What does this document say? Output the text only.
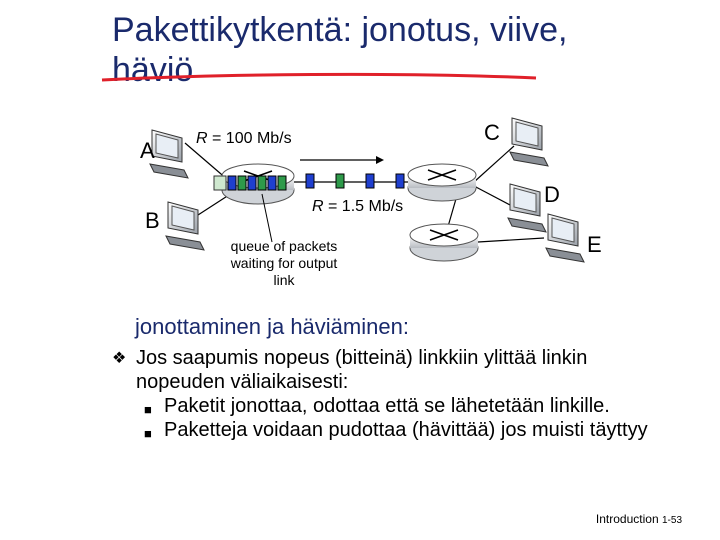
Pakettikytkentä: jonotus, viive, häviö
A
B
C
D
E
R = 100 Mb/s
R = 1.5 Mb/s
queue of packets waiting for output link
jonottaminen ja häviäminen:
❖ Jos saapumis nopeus (bitteinä) linkkiin ylittää linkin nopeuden väliaikaisesti:
■ Paketit jonottaa, odottaa että se lähetetään linkille.
■ Paketteja voidaan pudottaa (hävittää) jos muisti täyttyy
Introduction 1-53
